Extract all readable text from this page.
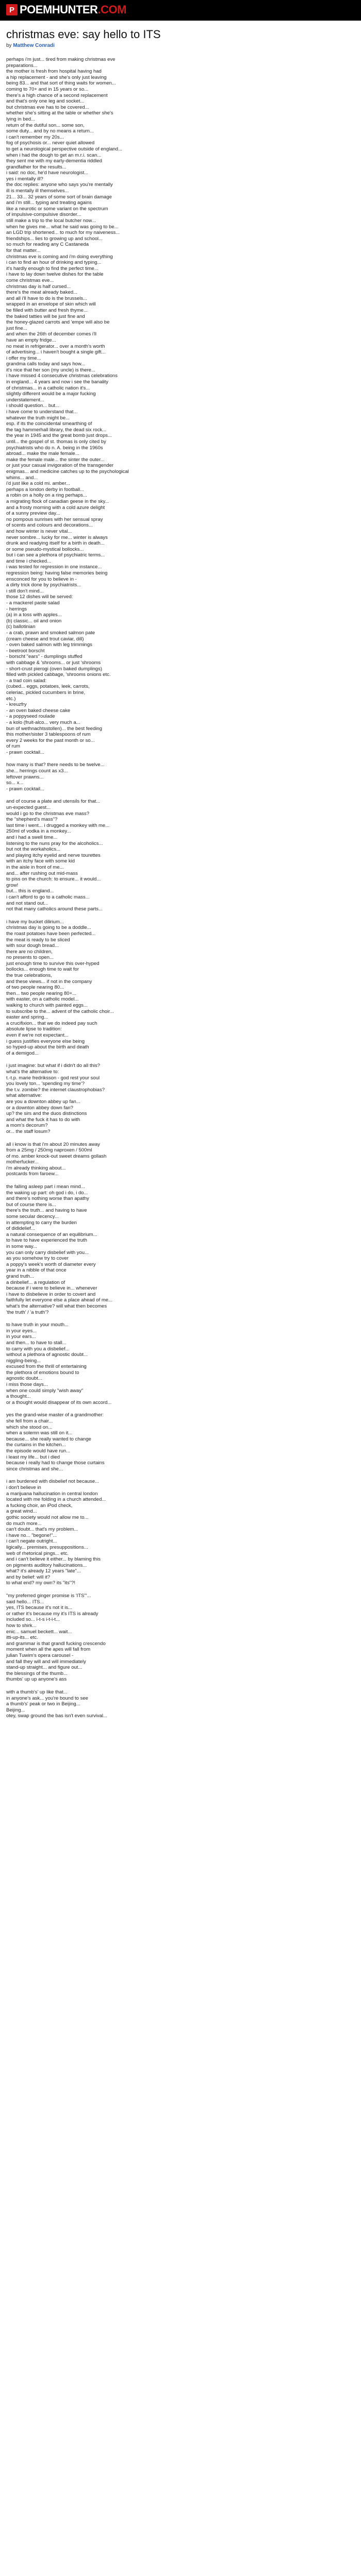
P POEMHUNTER.COM
christmas eve: say hello to ITS
by Matthew Conradi
perhaps i'm just... tired from making christmas eve
preparations...
the mother is fresh from hospital having had
a hip replacement - and she's only just leaving
being 83... and that sort of thing waits for women...
coming to 70+ and in 15 years or so...
there's a high chance of a second replacement
and that's only one leg and socket...
but christmas eve has to be covered...
whether she's sitting at the table or whether she's
lying in bed...
return of the dutiful son... some son,
some duty... and by no means a return...
i can't remember my 20s...
fog of psychosis or... never quiet allowed
to get a neurological perspective outside of england...
when i had the dough to get an m.r.i. scan...
they sent me with my early-dementia riddled
grandfather for the results...
i said: no doc, he'd have neurologist...
yes i mentally ill?
the doc replies: anyone who says you're mentally
ill is mentally ill themselves...
21... 33... 32 years of some sort of brain damage
and i'm still... typing and treating agains
like a neurotic or some variant on the spectrum
of impulsive-compulsive disorder...
still make a trip to the local butcher now...
when he gives me... what he said was going to be...
an LGD trip shortened... to much for my naiveness...
friendships... lies to growing up and school...
so much for reading any C Castaneda
for that matter...
christmas eve is coming and i'm doing everything
i can to find an hour of drinking and typing...
it's hardly enough to find the perfect time...
i have to lay down twelve dishes for the table
come christmas eve...
christmas day is half cursed...
there's the meat already baked...
and all i'll have to do is the brussels...
wrapped in an envelope of skin which will
be filled with butter and fresh thyme...
the baked tatties will be just fine and
the honey-glazed carrots and 'empe will also be
just fine...
and when the 26th of december comes i'll
have an empty fridge...
no meat in refrigerator... over a month's worth
of advertising... i haven't bought a single gift...
i offer my time...
grandma calls today and says how...
it's nice that her son (my uncle) is there...
i have missed 4 consecutive christmas celebrations
in england... 4 years and now i see the banality
of christmas... in a catholic nation it's...
slightly different would be a major fucking
understatement...
i should question... but...
i have come to understand that...
whatever the truth might be...
esp. if its the coincidental smearthing of
the tag hammerhall library, the dead six rock...
the year in 1945 and the great bomb just drops...
until... the gospel of st. thomas is only cited by
psychiatrists who do n. A. being in the 1960s
abroad... make the male female...
make the female male... the sinter the outer...
or just your casual invigoration of the transgender
enigmas... and medicine catches up to the psychological
whims... and...
i'd just like a cold mi. amber...
perhaps a london derby in football...
a robin on a holly on a ring perhaps...
a migrating flock of canadian geese in the sky...
and a frosty morning with a cold azure delight
of a sunny preview day...
no pompous sunrises with her sensual spray
of scents and colours and decorations...
and how winter is never vital...
never sombre... lucky for me... winter is always
drunk and readying itself for a birth in death...
or some pseudo-mystical bollocks...
but i can see a plethora of psychiatric terms...
and time i checked...
i was tested for regression in one instance...
regression being: having false memories being
ensconced for you to believe in -
a dirty trick done by psychiatrists...
i still don't mind...
those 12 dishes will be served:
- a mackerel paste salad
- herrings
(a) in a toss with apples...
(b) classic... oil and onion
(c) ballotinian
- a crab, prawn and smoked salmon pate
(cream cheese and trout caviar, dill)
- oven baked salmon with leg trimmings
- beetroot borscht
- borscht "ears" - dumplings stuffed
with cabbage & 'shrooms... or just 'shrooms
- short-crust pierogi (oven baked dumplings)
filled with pickled cabbage, 'shrooms onions etc.
- a trad coin salad:
(cubed... eggs, potatoes, leek, carrots,
celeriac, pickled cucumbers in brine,
etc.)
- kreuzfry
- an oven baked cheese cake
- a poppyseed roulade
- a kolo (fruit-alco... very much a...
bun of wethnachtsstollen)... the best feeding
this mother/sister 3 tablespoons of rum
every 2 weeks for the past month or so...
of rum
- prawn cocktail...
how many is that? there needs to be twelve...
she... herrings count as x3...
leftover prawns...
so... x...
- prawn cocktail...
and of course a plate and utensils for that...
un-expected guest...
would i go to the christmas eve mass?
the "shepherd's mass"?
last time i went... i drugged a monkey with me...
250ml of vodka in a monkey...
and i had a swell time...
listening to the nuns pray for the alcoholics...
but not the workaholics...
and playing itchy eyelid and nerve tourettes
with an itchy face with some kid
in the aisle in front of me...
and... after rushing out mid-mass
to piss on the church: to ensure... it would...
grow!
but... this is england...
i can't afford to go to a catholic mass...
and not stand out...
not that many catholics around these parts...
i have my bucket dilirium...
christmas day is going to be a doddle...
the roast potatoes have been perfected...
the meat is ready to be sliced
with sour dough bread...
there are no children,
no presents to open...
just enough time to survive this over-hyped
bollocks... enough time to wait for
the true celebrations,
and these views... if not in the company
of two people nearing 80...
then... two people nearing 80+...
with easter, on a catholic model...
walking to church with painted eggs...
to subscribe to the... advent of the catholic choir...
easter and spring...
a crucifixion... that we do indeed pay such
absolute lipse to tradition:
even if we're not expectant...
i guess justifies everyone else being
so hyped-up about the birth and death
of a demigod...
i just imagine: but what if i didn't do all this?
what's the alternative to:
t.-t.p. marie fredriksson - god rest your soul
you lovely ton... 'spending my time'?
the t.v. zombie? the internet claustrophobias?
what alternative:
are you a downton abbey up fan...
or a downton abbey down fan?
up? the sirs and the duos distinctions
and what the fuck it has to do with
a mom's decorum?
or... the staff losum?
all i know is that i'm about 20 minutes away
from a 25mg / 250mg naproxen / 500ml
of mo. amber knock-out sweet dreams gollash
motherfucker...
i'm already thinking about...
postcards from faroew...
the falling asleep part i mean mind...
the waking up part: oh god i do, i do...
and there's nothing worse than apathy
but of course there is...
there's the truth... and having to have
some secular decency...
in attempting to carry the burden
of dididelief...
a natural consequence of an equilibrium...
to have to have experienced the truth
in some way...
you can only carry disbelief with you...
as you somehow try to cover
a poppy's week's worth of diameter every
year in a nibble of that once
grand truth...
a dinbelief... a regulation of
because if i were to believe in... whenever
i have to disbelieve in order to covert and
faithfully let everyone else a place ahead of me...
what's the alternative? will what then becomes
'the truth' / 'a truth'?
to have truth in your mouth...
in your eyes...
in your ears...
and then... to have to stall...
to carry with you a disbelief...
without a plethora of agnostic doubt...
niggling-being...
excused from the thrill of entertaining
the plethora of emotions bound to
agnostic doubt...
i miss those days...
when one could simply "wish away"
a thought...
or a thought would disappear of its own accord...
yes the grand-wise master of a grandmother:
she fell from a chair...
which she stood on...
when a solemn was still on it...
because... she really wanted to change
the curtains in the kitchen...
the episode would have run...
i least my life... but i died
because i really had to change those curtains
since christmas and she...
i am burdened with disbelief not because...
i don't believe in
a marijuana hallucination in central london
located with me folding in a church attended...
a fucking choir, an iPod check,
a great wind...
gothic society would not allow me to...
do much more...
can't doubt... that's my problem...
i have no... "begone!"...
i can't negate outright...
ligically... premises, presuppositions...
web of rhetorical pings... etc.
and i can't believe it either... by blaming this
on pigments auditory hallucinations...
what? it's already 12 years "late"...
and by belief: will it?
to what end? my own? its "its"?!
"my preferred ginger promise is 'ITS'"...
said hello... ITS...
yes, ITS because it's not it is...
or rather it's because my it's ITS is already
included so... i-t-s i-t-i-t...
how to shirk...
enic... samuel beckett... wait...
itti-up-its... etc.
and grammar is that grandl fucking crescendo
moment when all the apes will fall from
julian Tuwim's opera carousel -
and fall they will and will immediately
stand-up straight... and figure out...
the blessings of the thumb...
thumbs' up up anyone's ass
with a thumb's' up like that...
in anyone's ask... you're bound to see
a thumb's' peak or two in Beijing...
Beijing...
otey, swap ground the bas isn't even survival...
